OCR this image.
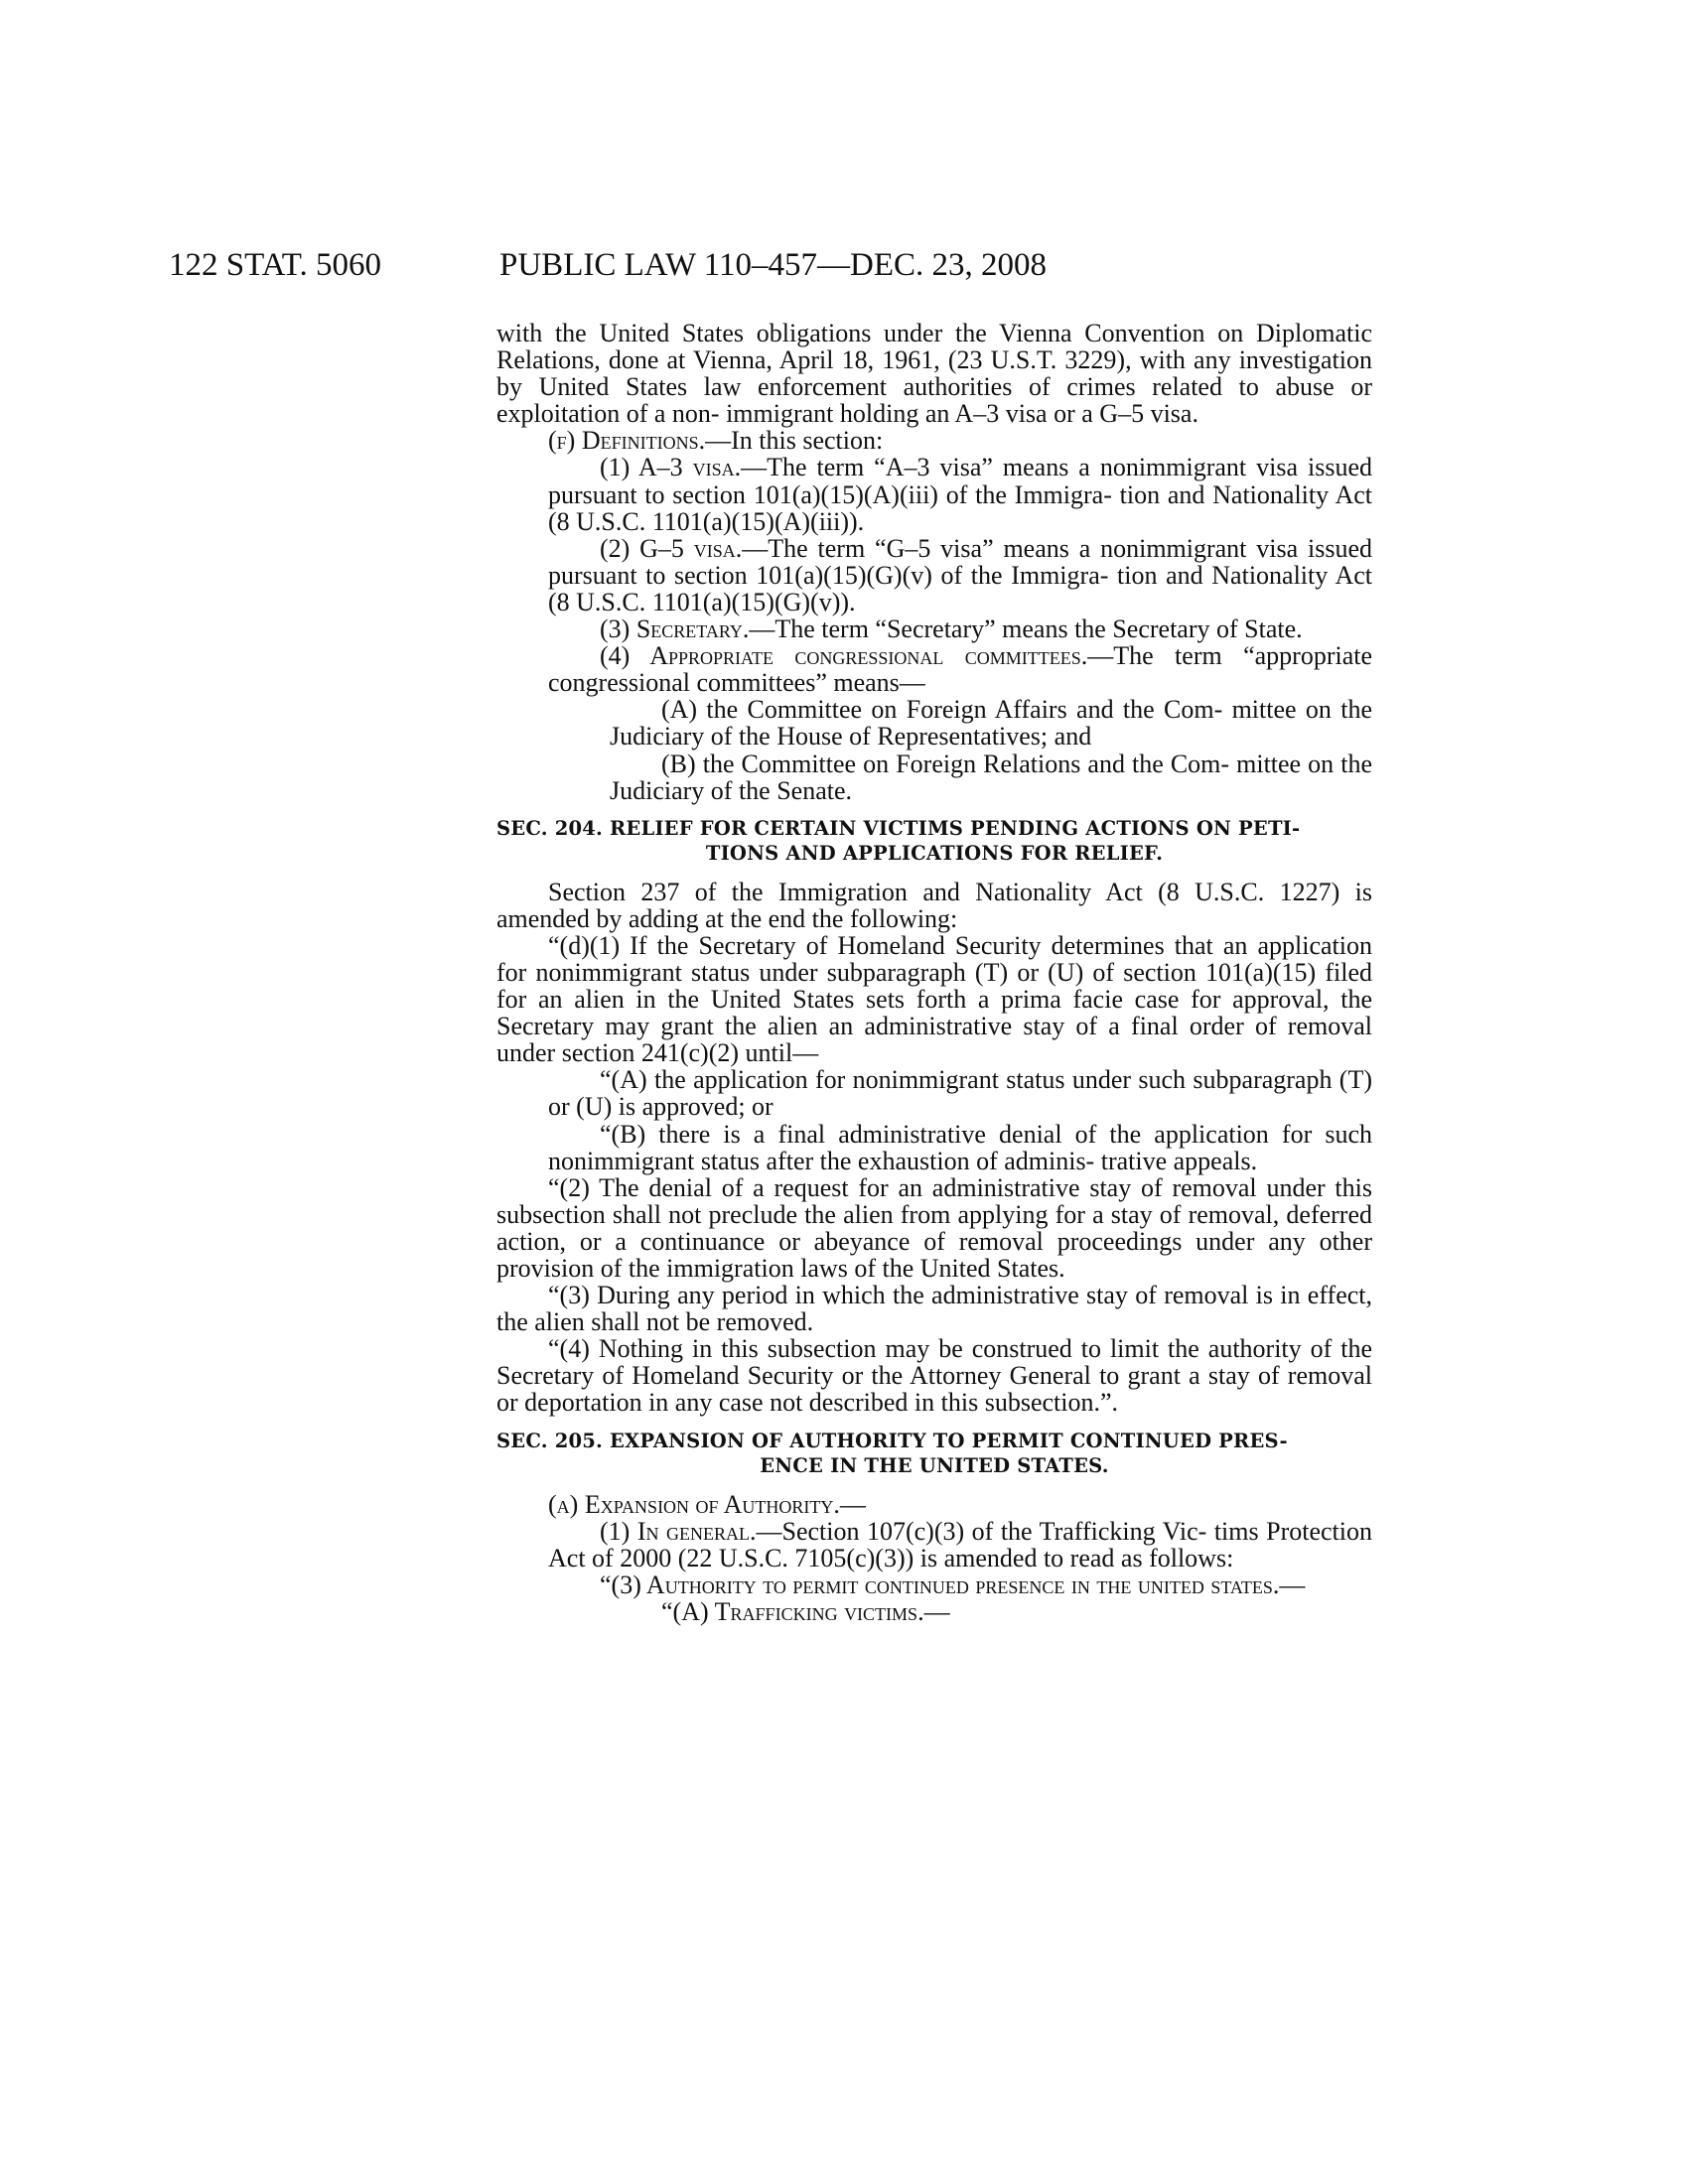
122 STAT. 5060	PUBLIC LAW 110–457—DEC. 23, 2008

with the United States obligations under the Vienna Convention on Diplomatic Relations, done at Vienna, April 18, 1961, (23 U.S.T. 3229), with any investigation by United States law enforcement authorities of crimes related to abuse or exploitation of a non- immigrant holding an A–3 visa or a G–5 visa.

(f) Definitions.—In this section:

(1) A–3 visa.—The term “A–3 visa” means a nonimmigrant visa issued pursuant to section 101(a)(15)(A)(iii) of the Immigra- tion and Nationality Act (8 U.S.C. 1101(a)(15)(A)(iii)).

(2) G–5 visa.—The term “G–5 visa” means a nonimmigrant visa issued pursuant to section 101(a)(15)(G)(v) of the Immigra- tion and Nationality Act (8 U.S.C. 1101(a)(15)(G)(v)).

(3) Secretary.—The term “Secretary” means the Secretary of State.

(4) Appropriate congressional committees.—The term “appropriate congressional committees” means—

(A) the Committee on Foreign Affairs and the Com- mittee on the Judiciary of the House of Representatives; and

(B) the Committee on Foreign Relations and the Com- mittee on the Judiciary of the Senate.

SEC. 204. RELIEF FOR CERTAIN VICTIMS PENDING ACTIONS ON PETI-
TIONS AND APPLICATIONS FOR RELIEF.

Section 237 of the Immigration and Nationality Act (8 U.S.C. 1227) is amended by adding at the end the following:

“(d)(1) If the Secretary of Homeland Security determines that an application for nonimmigrant status under subparagraph (T) or (U) of section 101(a)(15) filed for an alien in the United States sets forth a prima facie case for approval, the Secretary may grant the alien an administrative stay of a final order of removal under section 241(c)(2) until—

“(A) the application for nonimmigrant status under such subparagraph (T) or (U) is approved; or

“(B) there is a final administrative denial of the application for such nonimmigrant status after the exhaustion of adminis- trative appeals.

“(2) The denial of a request for an administrative stay of removal under this subsection shall not preclude the alien from applying for a stay of removal, deferred action, or a continuance or abeyance of removal proceedings under any other provision of the immigration laws of the United States.

“(3) During any period in which the administrative stay of removal is in effect, the alien shall not be removed.

“(4) Nothing in this subsection may be construed to limit the authority of the Secretary of Homeland Security or the Attorney General to grant a stay of removal or deportation in any case not described in this subsection.”.

SEC. 205. EXPANSION OF AUTHORITY TO PERMIT CONTINUED PRES-
ENCE IN THE UNITED STATES.

(a) Expansion of Authority.—

(1) In general.—Section 107(c)(3) of the Trafficking Vic- tims Protection Act of 2000 (22 U.S.C. 7105(c)(3)) is amended to read as follows:

“(3) Authority to permit continued presence in the united states.—

“(A) Trafficking victims.—
